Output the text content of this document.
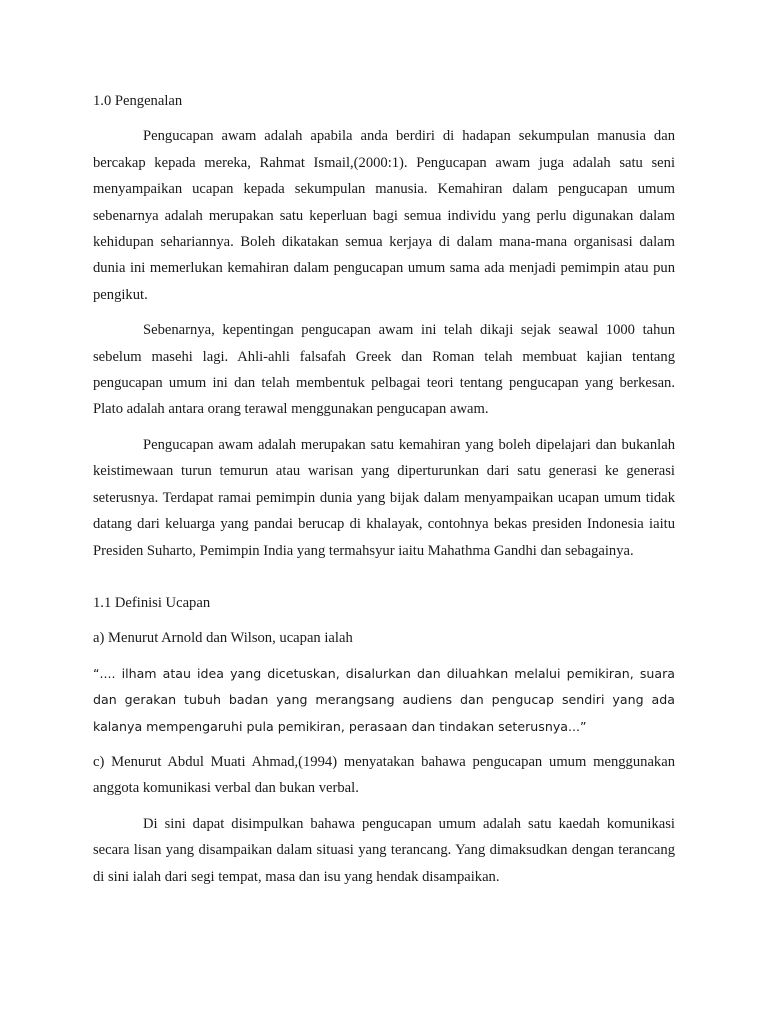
1.0 Pengenalan

Pengucapan awam adalah apabila anda berdiri di hadapan sekumpulan manusia dan bercakap kepada mereka, Rahmat Ismail,(2000:1). Pengucapan awam juga adalah satu seni menyampaikan ucapan kepada sekumpulan manusia. Kemahiran dalam pengucapan umum sebenarnya adalah merupakan satu keperluan bagi semua individu yang perlu digunakan dalam kehidupan sehariannya. Boleh dikatakan semua kerjaya di dalam mana-mana organisasi dalam dunia ini memerlukan kemahiran dalam pengucapan umum sama ada menjadi pemimpin atau pun pengikut.

Sebenarnya, kepentingan pengucapan awam ini telah dikaji sejak seawal 1000 tahun sebelum masehi lagi. Ahli-ahli falsafah Greek dan Roman telah membuat kajian tentang pengucapan umum ini dan telah membentuk pelbagai teori tentang pengucapan yang berkesan. Plato adalah antara orang terawal menggunakan pengucapan awam.

Pengucapan awam adalah merupakan satu kemahiran yang boleh dipelajari dan bukanlah keistimewaan turun temurun atau warisan yang diperturunkan dari satu generasi ke generasi seterusnya. Terdapat ramai pemimpin dunia yang bijak dalam menyampaikan ucapan umum tidak datang dari keluarga yang pandai berucap di khalayak, contohnya bekas presiden Indonesia iaitu Presiden Suharto, Pemimpin India yang termahsyur iaitu Mahathma Gandhi dan sebagainya.

1.1 Definisi Ucapan

a) Menurut Arnold dan Wilson, ucapan ialah

“.... ilham atau idea yang dicetuskan, disalurkan dan diluahkan melalui pemikiran, suara dan gerakan tubuh badan yang merangsang audiens dan pengucap sendiri yang ada kalanya mempengaruhi pula pemikiran, perasaan dan tindakan seterusnya...”

c) Menurut Abdul Muati Ahmad,(1994) menyatakan bahawa pengucapan umum menggunakan anggota komunikasi verbal dan bukan verbal.

Di sini dapat disimpulkan bahawa pengucapan umum adalah satu kaedah komunikasi secara lisan yang disampaikan dalam situasi yang terancang. Yang dimaksudkan dengan terancang di sini ialah dari segi tempat, masa dan isu yang hendak disampaikan.
